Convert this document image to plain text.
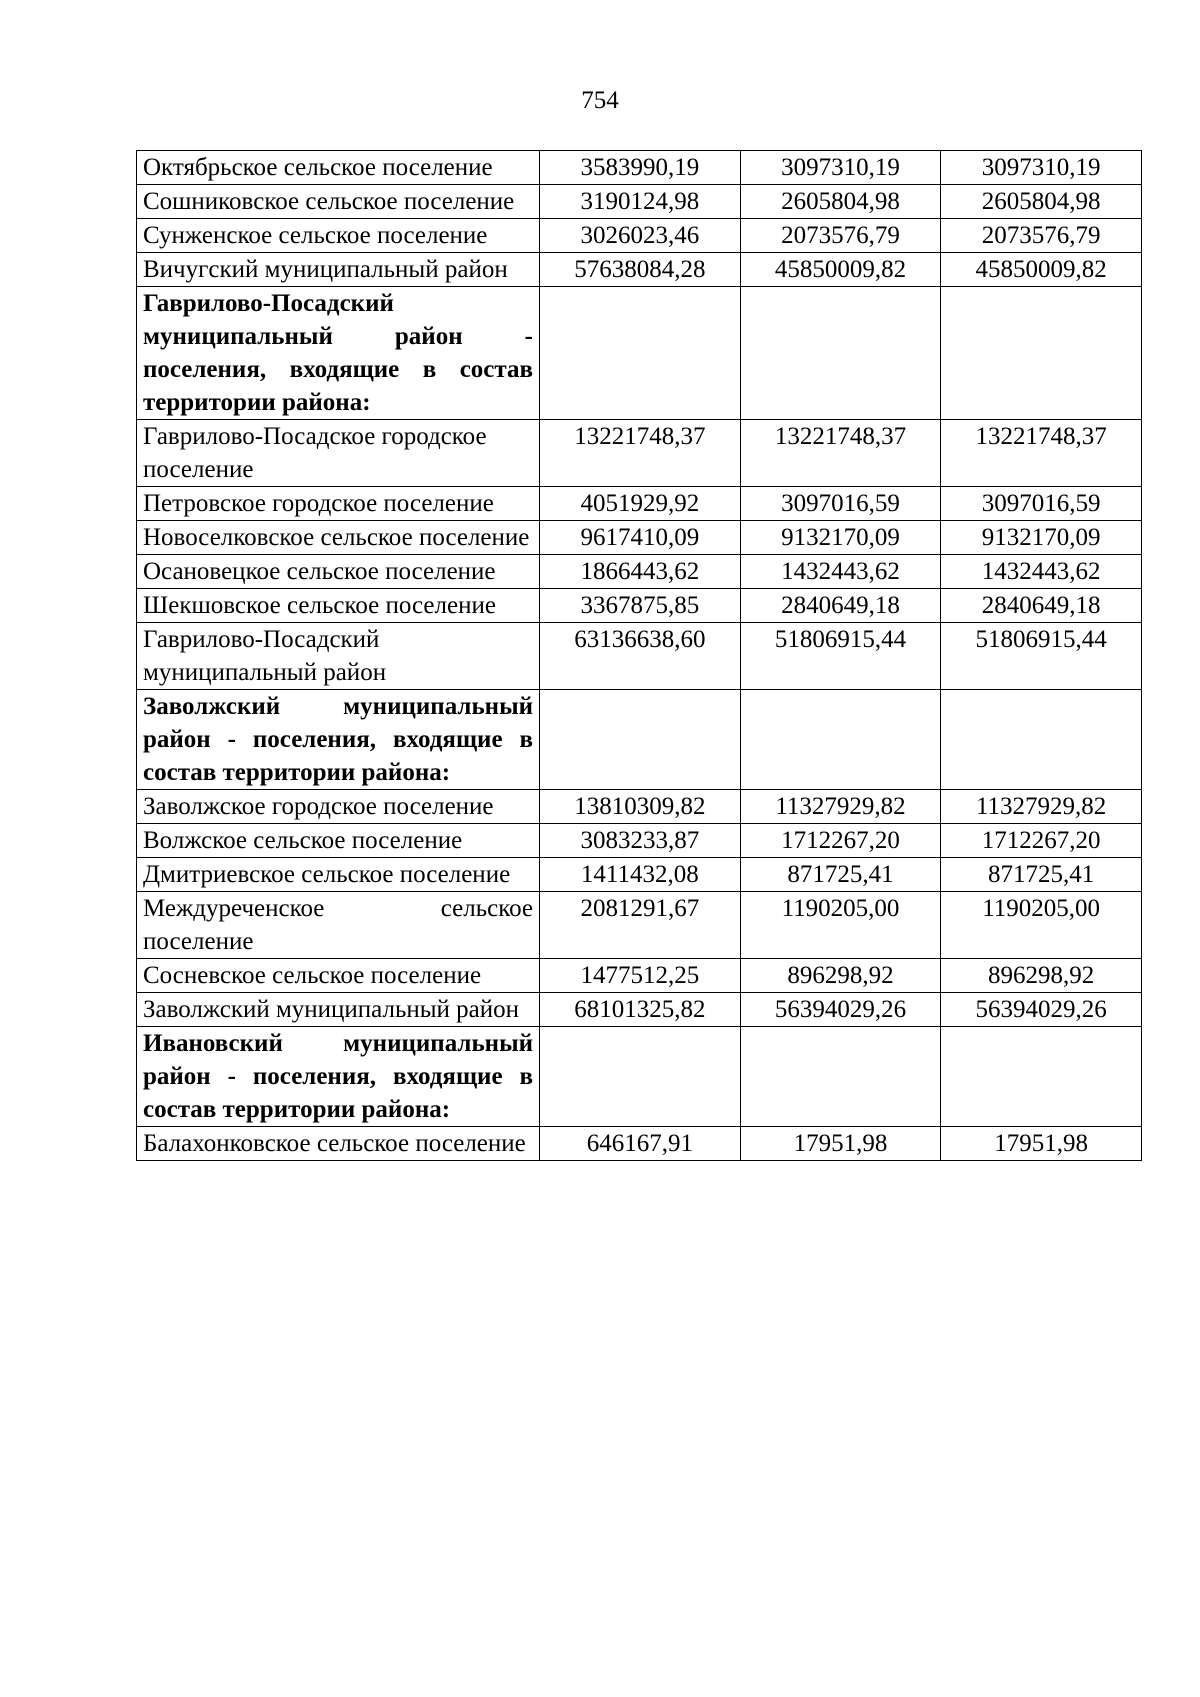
754
Октябрьское сельское поселение	3583990,19	3097310,19	3097310,19
Сошниковское сельское поселение	3190124,98	2605804,98	2605804,98
Сунженское сельское поселение	3026023,46	2073576,79	2073576,79
Вичугский муниципальный район	57638084,28	45850009,82	45850009,82
Гаврилово-Посадский муниципальный район - поселения, входящие в состав территории района:			
Гаврилово-Посадское городское поселение	13221748,37	13221748,37	13221748,37
Петровское городское поселение	4051929,92	3097016,59	3097016,59
Новоселковское сельское поселение	9617410,09	9132170,09	9132170,09
Осановецкое сельское поселение	1866443,62	1432443,62	1432443,62
Шекшовское сельское поселение	3367875,85	2840649,18	2840649,18
Гаврилово-Посадский муниципальный район	63136638,60	51806915,44	51806915,44
Заволжский муниципальный район - поселения, входящие в состав территории района:			
Заволжское городское поселение	13810309,82	11327929,82	11327929,82
Волжское сельское поселение	3083233,87	1712267,20	1712267,20
Дмитриевское сельское поселение	1411432,08	871725,41	871725,41
Междуреченское сельское поселение	2081291,67	1190205,00	1190205,00
Сосневское сельское поселение	1477512,25	896298,92	896298,92
Заволжский муниципальный район	68101325,82	56394029,26	56394029,26
Ивановский муниципальный район - поселения, входящие в состав территории района:			
Балахонковское сельское поселение	646167,91	17951,98	17951,98
